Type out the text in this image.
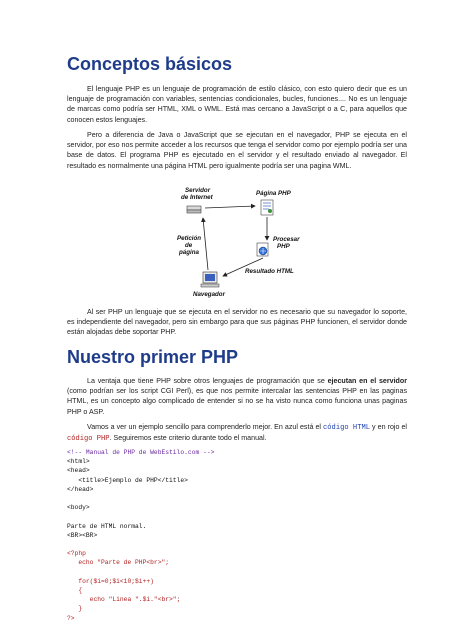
Conceptos básicos

El lenguaje PHP es un lenguaje de programación de estilo clásico, con esto quiero decir que es un lenguaje de programación con variables, sentencias condicionales, bucles, funciones.... No es un lenguaje de marcas como podría ser HTML, XML o WML. Está mas cercano a JavaScript o a C, para aquellos que conocen estos lenguajes.

Pero a diferencia de Java o JavaScript que se ejecutan en el navegador, PHP se ejecuta en el servidor, por eso nos permite acceder a los recursos que tenga el servidor como por ejemplo podría ser una base de datos. El programa PHP es ejecutado en el servidor y el resultado enviado al navegador. El resultado es normalmente una página HTML pero igualmente podría ser una pagina WML.

Servidor
de Internet
Página PHP
Procesar
PHP
Resultado HTML
Navegador
Petición
de
página

Al ser PHP un lenguaje que se ejecuta en el servidor no es necesario que su navegador lo soporte, es independiente del navegador, pero sin embargo para que sus páginas PHP funcionen, el servidor donde están alojadas debe soportar PHP.

Nuestro primer PHP

La ventaja que tiene PHP sobre otros lenguajes de programación que se ejecutan en el servidor (como podrían ser los script CGI Perl), es que nos permite intercalar las sentencias PHP en las paginas HTML, es un concepto algo complicado de entender si no se ha visto nunca como funciona unas paginas PHP o ASP.

Vamos a ver un ejemplo sencillo para comprenderlo mejor. En azul está el código HTML y en rojo el código PHP. Seguiremos este criterio durante todo el manual.

<!-- Manual de PHP de WebEstilo.com -->
<html>
<head>
<title>Ejemplo de PHP</title>
</head>

<body>

Parte de HTML normal.
<BR><BR>

<?php
echo "Parte de PHP<br>";

for($i=0;$i<10;$i++)
{
echo "Linea ".$i."<br>";
}
?>
